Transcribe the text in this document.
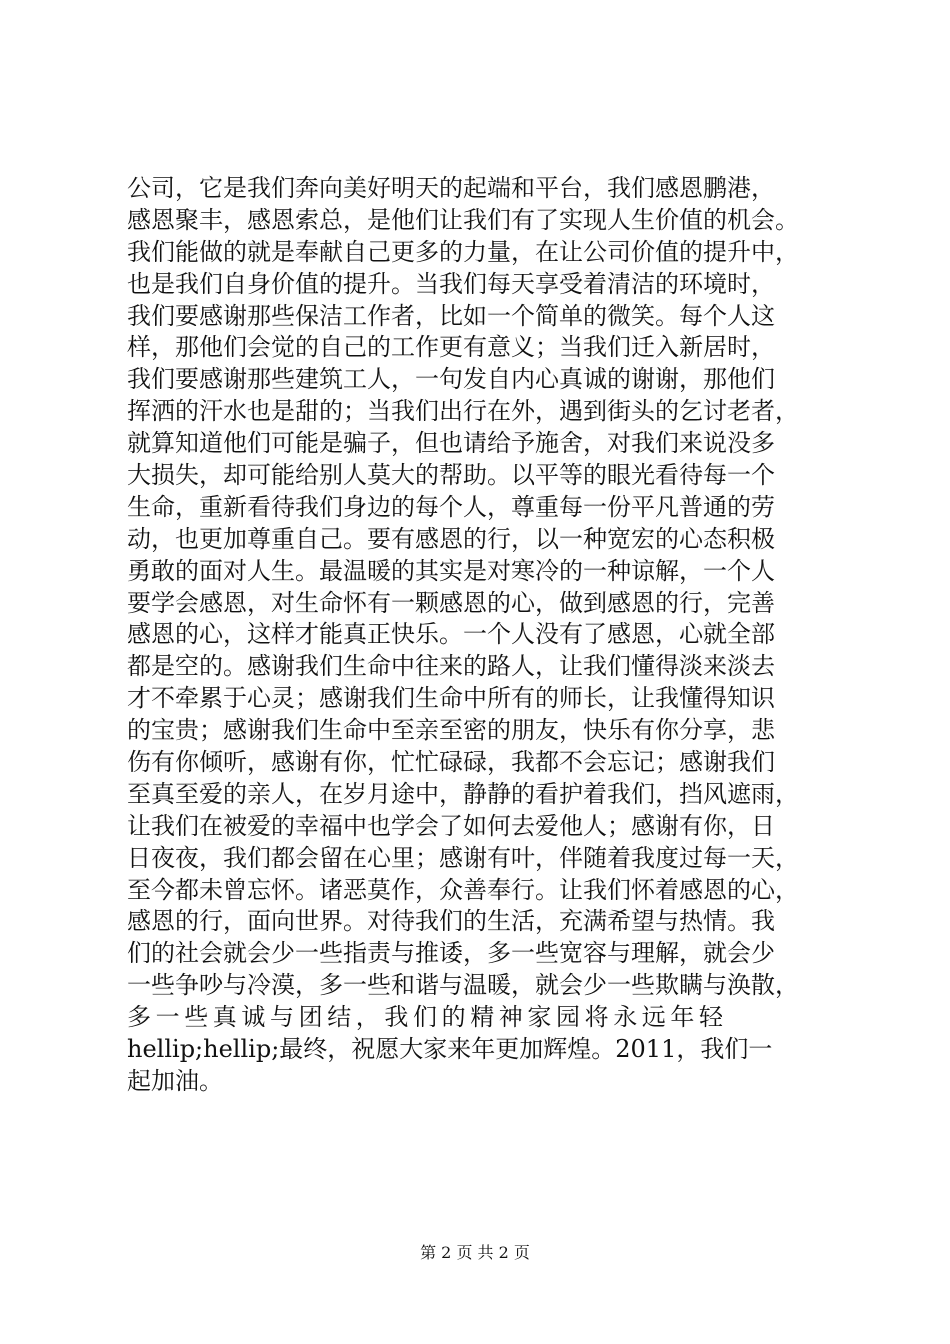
公司，它是我们奔向美好明天的起端和平台，我们感恩鹏港，
感恩聚丰，感恩索总，是他们让我们有了实现人生价值的机会。
我们能做的就是奉献自己更多的力量，在让公司价值的提升中，
也是我们自身价值的提升。当我们每天享受着清洁的环境时，
我们要感谢那些保洁工作者，比如一个简单的微笑。每个人这
样，那他们会觉的自己的工作更有意义；当我们迁入新居时，
我们要感谢那些建筑工人，一句发自内心真诚的谢谢，那他们
挥洒的汗水也是甜的；当我们出行在外，遇到街头的乞讨老者，
就算知道他们可能是骗子，但也请给予施舍，对我们来说没多
大损失，却可能给别人莫大的帮助。以平等的眼光看待每一个
生命，重新看待我们身边的每个人，尊重每一份平凡普通的劳
动，也更加尊重自己。要有感恩的行，以一种宽宏的心态积极
勇敢的面对人生。最温暖的其实是对寒冷的一种谅解，一个人
要学会感恩，对生命怀有一颗感恩的心，做到感恩的行，完善
感恩的心，这样才能真正快乐。一个人没有了感恩，心就全部
都是空的。感谢我们生命中往来的路人，让我们懂得淡来淡去
才不牵累于心灵；感谢我们生命中所有的师长，让我懂得知识
的宝贵；感谢我们生命中至亲至密的朋友，快乐有你分享，悲
伤有你倾听，感谢有你，忙忙碌碌，我都不会忘记；感谢我们
至真至爱的亲人，在岁月途中，静静的看护着我们，挡风遮雨，
让我们在被爱的幸福中也学会了如何去爱他人；感谢有你，日
日夜夜，我们都会留在心里；感谢有叶，伴随着我度过每一天，
至今都未曾忘怀。诸恶莫作，众善奉行。让我们怀着感恩的心，
感恩的行，面向世界。对待我们的生活，充满希望与热情。我
们的社会就会少一些指责与推诿，多一些宽容与理解，就会少
一些争吵与冷漠，多一些和谐与温暖，就会少一些欺瞒与涣散，
多一些真诚与团结，我们的精神家园将永远年轻
hellip;hellip;最终，祝愿大家来年更加辉煌。2011，我们一
起加油。
第 2 页 共 2 页
